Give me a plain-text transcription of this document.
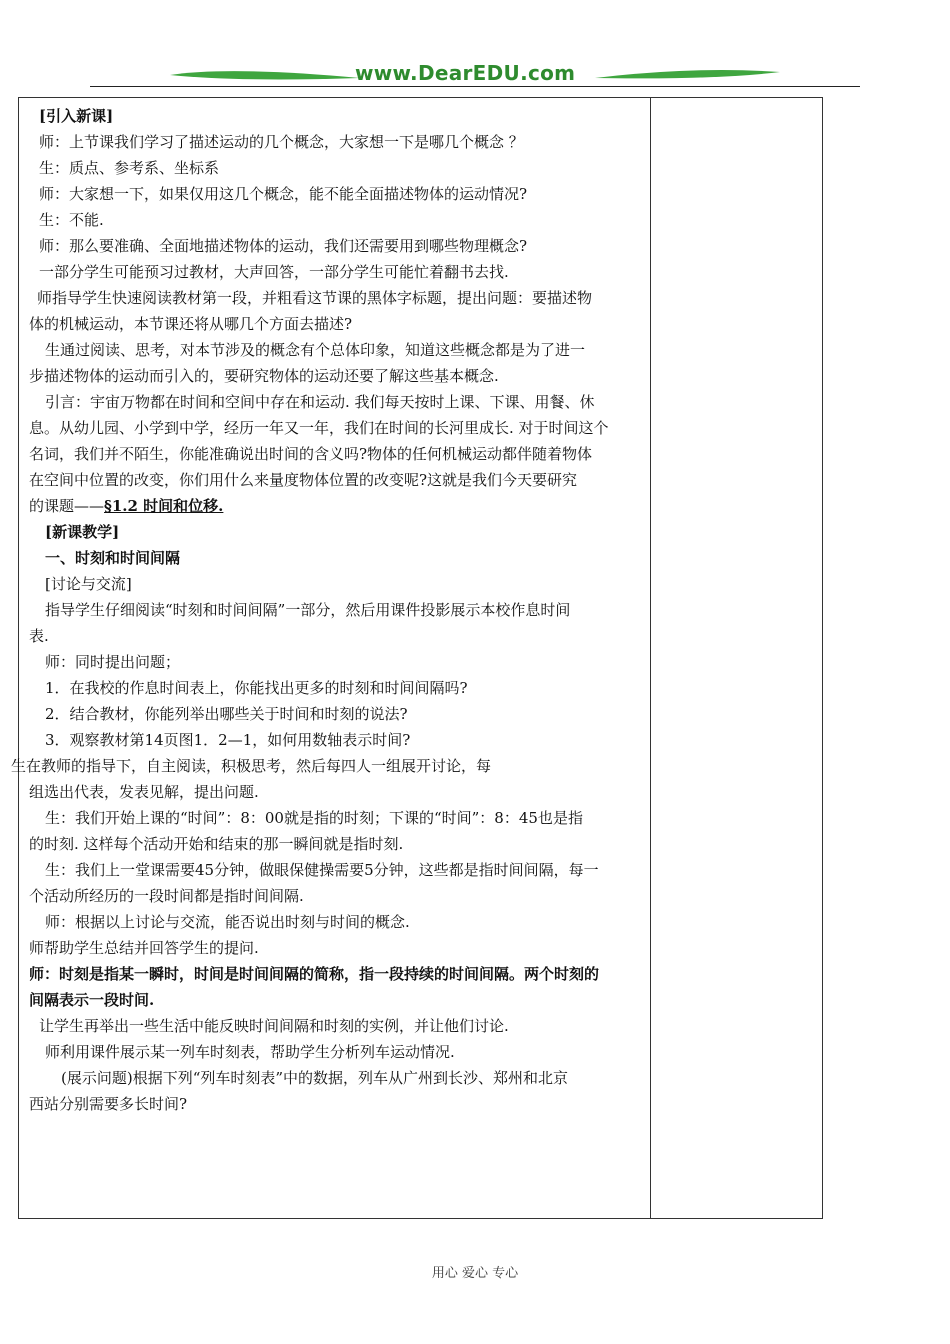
www.DearEDU.com
[引入新课]
师：上节课我们学习了描述运动的几个概念，大家想一下是哪几个概念 ？
生：质点、参考系、坐标系
师：大家想一下，如果仅用这几个概念，能不能全面描述物体的运动情况?
生：不能.
师：那么要准确、全面地描述物体的运动，我们还需要用到哪些物理概念?
一部分学生可能预习过教材，大声回答，一部分学生可能忙着翻书去找.
师指导学生快速阅读教材第一段，并粗看这节课的黑体字标题，提出问题：要描述物
体的机械运动，本节课还将从哪几个方面去描述?
生通过阅读、思考，对本节涉及的概念有个总体印象，知道这些概念都是为了进一
步描述物体的运动而引入的，要研究物体的运动还要了解这些基本概念.
引言：宇宙万物都在时间和空间中存在和运动. 我们每天按时上课、下课、用餐、休
息。从幼儿园、小学到中学，经历一年又一年，我们在时间的长河里成长. 对于时间这个
名词，我们并不陌生，你能准确说出时间的含义吗?物体的任何机械运动都伴随着物体
在空间中位置的改变，你们用什么来量度物体位置的改变呢?这就是我们今天要研究
的课题——§1.2 时间和位移.
[新课教学]
一、时刻和时间间隔
[讨论与交流]
指导学生仔细阅读“时刻和时间间隔”一部分，然后用课件投影展示本校作息时间
表.
师：同时提出问题；
1．在我校的作息时间表上，你能找出更多的时刻和时间间隔吗?
2．结合教材，你能列举出哪些关于时间和时刻的说法?
3．观察教材第14页图1．2—1，如何用数轴表示时间?
生在教师的指导下，自主阅读，积极思考，然后每四人一组展开讨论，每
组选出代表，发表见解，提出问题.
生：我们开始上课的“时间”：8：00就是指的时刻；下课的“时间”：8：45也是指
的时刻. 这样每个活动开始和结束的那一瞬间就是指时刻.
生：我们上一堂课需要45分钟，做眼保健操需要5分钟，这些都是指时间间隔，每一
个活动所经历的一段时间都是指时间间隔.
师：根据以上讨论与交流，能否说出时刻与时间的概念.
师帮助学生总结并回答学生的提问.
师：时刻是指某一瞬时，时间是时间间隔的简称，指一段持续的时间间隔。两个时刻的
间隔表示一段时间.
让学生再举出一些生活中能反映时间间隔和时刻的实例，并让他们讨论.
师利用课件展示某一列车时刻表，帮助学生分析列车运动情况.
(展示问题)根据下列“列车时刻表”中的数据，列车从广州到长沙、郑州和北京
西站分别需要多长时间?
用心 爱心 专心
